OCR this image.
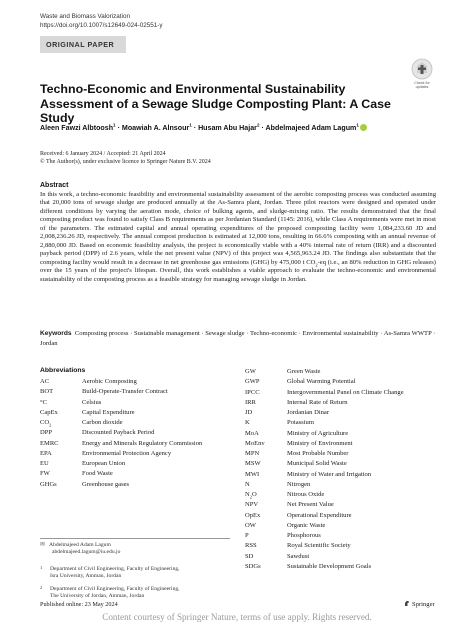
Waste and Biomass Valorization
https://doi.org/10.1007/s12649-024-02551-y
ORIGINAL PAPER
Check for
updates
Techno-Economic and Environmental Sustainability Assessment of a Sewage Sludge Composting Plant: A Case Study
Aleen Fawzi Albtoosh$^1$ · Moawiah A. Alnsour$^1$ · Husam Abu Hajar$^2$ · Abdelmajeed Adam Lagum$^1$
Received: 6 January 2024 / Accepted: 21 April 2024
© The Author(s), under exclusive licence to Springer Nature B.V. 2024
Abstract
In this work, a techno-economic feasibility and environmental sustainability assessment of the aerobic composting process was conducted assuming that 20,000 tons of sewage sludge are produced annually at the As-Samra plant, Jordan. Three pilot reactors were designed and operated under different conditions by varying the aeration mode, choice of bulking agents, and sludge-mixing ratio. The results demonstrated that the final composting product was found to satisfy Class B requirements as per Jordanian Standard (1145: 2016), while Class A requirements were met in most of the parameters. The estimated capital and annual operating expenditures of the proposed composting facility were 1,084,233.60 JD and 2,008,236.26 JD, respectively. The annual compost production is estimated at 12,000 tons, resulting in 66.6% composting with an annual revenue of 2,880,000 JD. Based on economic feasibility analysis, the project is economically viable with a 40% internal rate of return (IRR) and a discounted payback period (DPP) of 2.6 years, while the net present value (NPV) of this project was 4,565,963.24 JD. The findings also substantiate that the composting facility would result in a decrease in net greenhouse gas emissions (GHG) by 475,000 t $CO_2-eq$ (i.e., an 80% reduction in GHG releases) over the 15 years of the project's lifespan. Overall, this work establishes a viable approach to evaluate the techno-economic and environmental sustainability of the composting process as a feasible strategy for managing sewage sludge in Jordan.
Keywords Composting process · Sustainable management · Sewage sludge · Techno-economic · Environmental sustainability · As-Samra WWTP · Jordan
Abbreviations
AC	Aerobic Composting
BOT	Build-Operate-Transfer Contract
°C	Celsius
CapEx	Capital Expenditure
$CO_2$	Carbon dioxide
DPP	Discounted Payback Period
EMRC	Energy and Minerals Regulatory Commission
EPA	Environmental Protection Agency
EU	European Union
FW	Food Waste
GHGs	Greenhouse gases
GW	Green Waste
GWP	Global Warming Potential
IPCC	Intergovernmental Panel on Climate Change
IRR	Internal Rate of Return
JD	Jordanian Dinar
K	Potassium
MoA	Ministry of Agriculture
MoEnv	Ministry of Environment
MPN	Most Probable Number
MSW	Municipal Solid Waste
MWI	Ministry of Water and Irrigation
N	Nitrogen
$N_2O$	Nitrous Oxide
NPV	Net Present Value
OpEx	Operational Expenditure
OW	Organic Waste
P	Phosphorous
RSS	Royal Scientific Society
SD	Sawdust
SDGs	Sustainable Development Goals
✉ Abdelmajeed Adam Lagum
abdelmajeed.lagum@iu.edu.jo
1 Department of Civil Engineering, Faculty of Engineering,
Isra University, Amman, Jordan
2 Department of Civil Engineering, Faculty of Engineering,
The University of Jordan, Amman, Jordan
Published online: 23 May 2024	Springer
Content courtesy of Springer Nature, terms of use apply. Rights reserved.
